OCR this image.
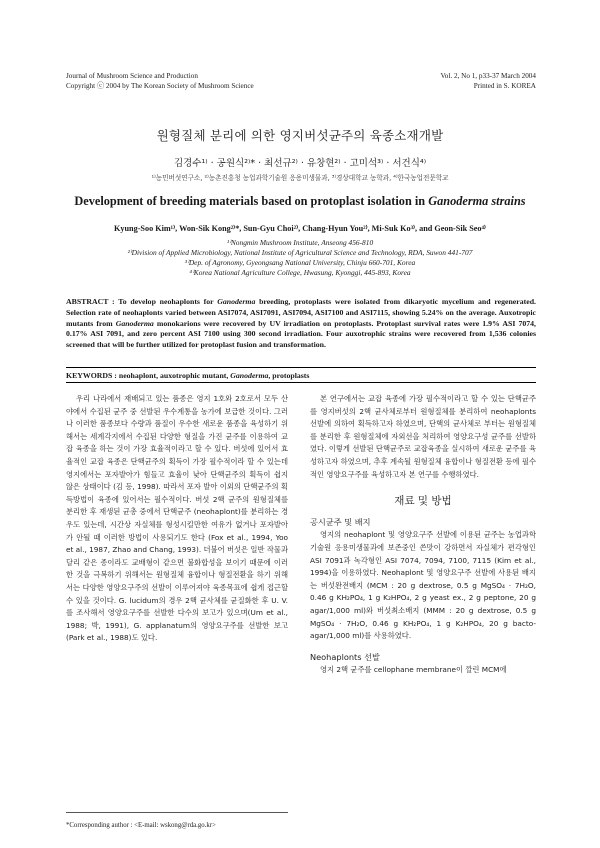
Journal of Mushroom Science and Production
Copyright ⓒ 2004 by The Korean Society of Mushroom Science
Vol. 2, No 1, p33-37 March 2004
Printed in S. KOREA
원형질체 분리에 의한 영지버섯균주의 육종소재개발
김경수¹⁾ · 공원식²⁾* · 최선규²⁾ · 유창현²⁾ · 고미석³⁾ · 서건식⁴⁾
¹⁾농민버섯연구소, ²⁾농촌진흥청 농업과학기술원 응용미생물과, ³⁾경상대학교 농학과, ⁴⁾한국농업전문학교
Development of breeding materials based on protoplast isolation in Ganoderma strains
Kyung-Soo Kim¹⁾, Won-Sik Kong²⁾*, Sun-Gyu Choi²⁾, Chang-Hyun You²⁾, Mi-Suk Ko³⁾, and Geon-Sik Seo⁴⁾
¹⁾Nongmin Mushroom Institute, Anseong 456-810
²⁾Division of Applied Microbiology, National Institute of Agricultural Science and Technology, RDA, Suwon 441-707
³⁾Dep. of Agronomy, Gyeongsang National University, Chinju 660-701, Korea
⁴⁾Korea National Agriculture College, Hwasung, Kyonggi, 445-893, Korea
ABSTRACT : To develop neohaplonts for Ganoderma breeding, protoplasts were isolated from dikaryotic mycelium and regenerated. Selection rate of neohaplonts varied between ASI7074, ASI7091, ASI7094, ASI7100 and ASI7115, showing 5.24% on the average. Auxotropic mutants from Ganoderma monokarions were recovered by UV irradiation on protoplasts. Protoplast survival rates were 1.9% ASI 7074, 0.17% ASI 7091, and zero percent ASI 7100 using 300 second irradiation. Four auxotrophic strains were recovered from 1,536 colonies screened that will be further utilized for protoplast fusion and transformation.
KEYWORDS : neohaplont, auxotrophic mutant, Ganoderma, protoplasts

우리 나라에서 재배되고 있는 품종은 영지 1호와 2호로서 모두 산야에서 수집된 균주 중 선발된 우수계통을 농가에 보급한 것이다. 그러나 이러한 품종보다 수량과 품질이 우수한 새로운 품종을 육성하기 위해서는 세계각지에서 수집된 다양한 형질을 가진 균주를 이용하여 교잡 육종을 하는 것이 가장 효율적이라고 할 수 있다. 버섯에 있어서 효율적인 교잡 육종은 단핵균주의 획득이 가장 필수적이라 할 수 있는데 영지에서는 포자발아가 힘들고 효율이 낮아 단핵균주의 획득이 쉽지 않은 상태이다 (김 등, 1998). 따라서 포자 발아 이외의 단핵균주의 획득방법이 육종에 있어서는 필수적이다. 버섯 2핵 균주의 원형질체를 분리한 후 재생된 균총 중에서 단핵균주 (neohaplont)를 분리하는 경우도 있는데, 시간상 자실체를 형성시킬만한 여유가 없거나 포자발아가 안될 때 이러한 방법이 사용되기도 한다 (Fox et al., 1994, Yoo et al., 1987, Zhao and Chang, 1993). 더불어 버섯은 일반 작물과 달리 같은 종이라도 교배형이 같으면 불화합성을 보이기 때문에 이러한 것을 극복하기 위해서는 원형질체 융합이나 형질전환을 하기 위해서는 다양한 영양요구주의 선발이 이루어져야 육종목표에 쉽게 접근할 수 있을 것이다. G. lucidum의 경우 2핵 균사체를 균질화한 후 U. V.를 조사해서 영양요구주를 선발한 다수의 보고가 있으며(Um et al., 1988; 박, 1991), G. applanatum의 영양요구주를 선발한 보고 (Park et al., 1988)도 있다.

본 연구에서는 교잡 육종에 가장 필수적이라고 할 수 있는 단핵균주를 영지버섯의 2핵 균사체로부터 원형질체를 분리하여 neohaplonts 선발에 의하여 획득하고자 하였으며, 단핵의 균사체로 부터는 원형질체를 분리한 후 원형질체에 자외선을 처리하여 영양요구성 균주를 선발하였다. 이렇게 선발된 단핵균주로 교잡육종을 실시하여 새로운 균주를 육성하고자 하였으며, 추후 계속될 원형질체 융합이나 형질전환 등에 필수적인 영양요구주를 육성하고자 본 연구를 수행하였다.

재료 및 방법
공시균주 및 배지

영지의 neohaplont 및 영양요구주 선발에 이용된 균주는 농업과학기술원 응용미생물과에 보존중인 쓴맛이 강하면서 자실체가 편각형인 ASI 7091과 녹각형인 ASI 7074, 7094, 7100, 7115 (Kim et al., 1994)을 이용하였다. Neohaplont 및 영양요구주 선발에 사용된 배지는 버섯완전배지 (MCM : 20 g dextrose, 0.5 g MgSO₄ · 7H₂O, 0.46 g KH₂PO₄, 1 g K₂HPO₄, 2 g yeast ex., 2 g peptone, 20 g agar/1,000 ml)와 버섯최소배지 (MMM : 20 g dextrose, 0.5 g MgSO₄ · 7H₂O, 0.46 g KH₂PO₄, 1 g K₂HPO₄, 20 g bacto-agar/1,000 ml)를 사용하였다.

Neohaplonts 선발

영지 2핵 균주를 cellophane membrane이 깔린 MCM에

*Corresponding author : <E-mail: wskong@rda.go.kr>
